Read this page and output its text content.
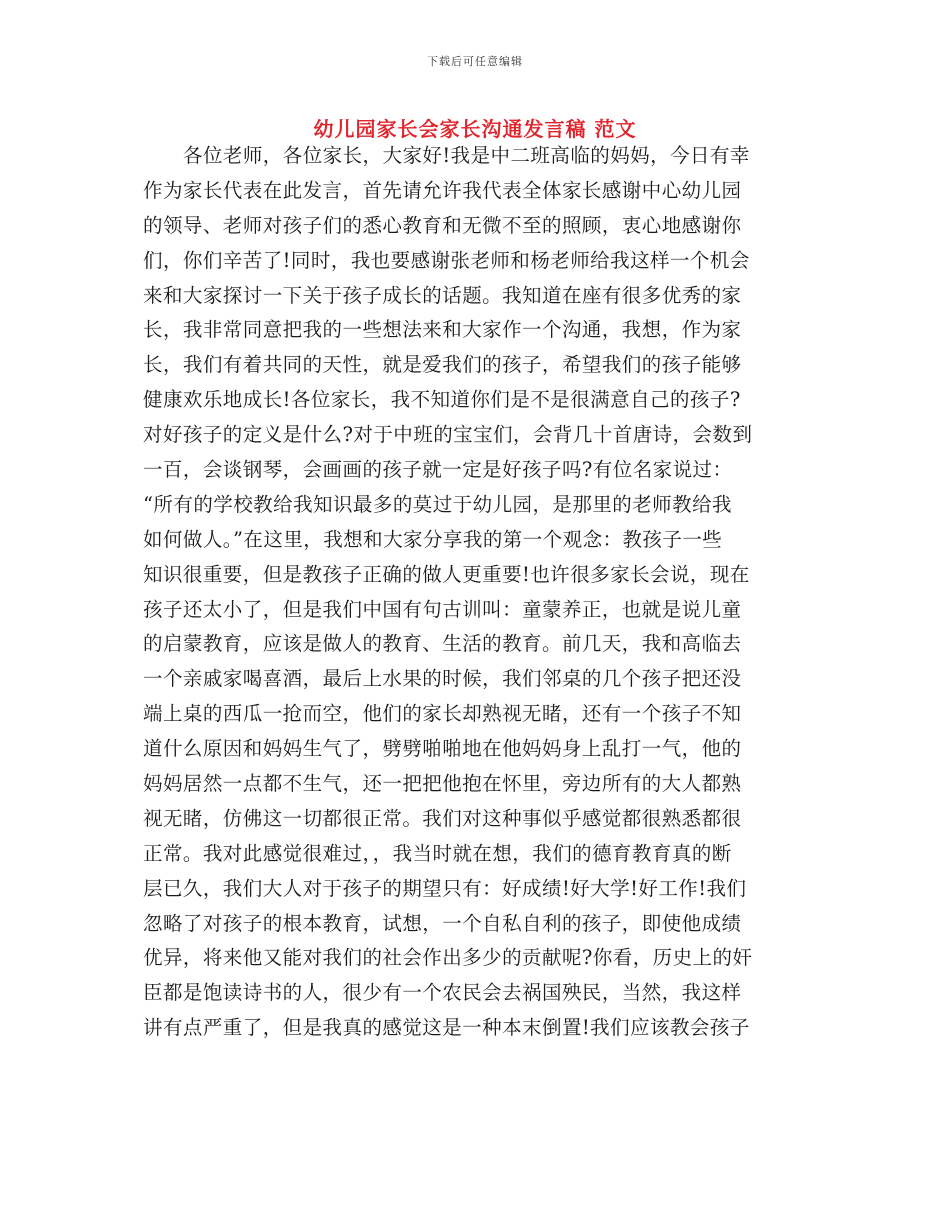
下载后可任意编辑
幼儿园家长会家长沟通发言稿 范文
各位老师，各位家长，大家好!我是中二班高临的妈妈，今日有幸
作为家长代表在此发言，首先请允许我代表全体家长感谢中心幼儿园
的领导、老师对孩子们的悉心教育和无微不至的照顾，衷心地感谢你
们，你们辛苦了!同时，我也要感谢张老师和杨老师给我这样一个机会
来和大家探讨一下关于孩子成长的话题。我知道在座有很多优秀的家
长，我非常同意把我的一些想法来和大家作一个沟通，我想，作为家
长，我们有着共同的天性，就是爱我们的孩子，希望我们的孩子能够
健康欢乐地成长!各位家长，我不知道你们是不是很满意自己的孩子?
对好孩子的定义是什么?对于中班的宝宝们，会背几十首唐诗，会数到
一百，会谈钢琴，会画画的孩子就一定是好孩子吗?有位名家说过：
“所有的学校教给我知识最多的莫过于幼儿园，是那里的老师教给我
如何做人。”在这里，我想和大家分享我的第一个观念：教孩子一些
知识很重要，但是教孩子正确的做人更重要!也许很多家长会说，现在
孩子还太小了，但是我们中国有句古训叫：童蒙养正，也就是说儿童
的启蒙教育，应该是做人的教育、生活的教育。前几天，我和高临去
一个亲戚家喝喜酒，最后上水果的时候，我们邻桌的几个孩子把还没
端上桌的西瓜一抢而空，他们的家长却熟视无睹，还有一个孩子不知
道什么原因和妈妈生气了，劈劈啪啪地在他妈妈身上乱打一气，他的
妈妈居然一点都不生气，还一把把他抱在怀里，旁边所有的大人都熟
视无睹，仿佛这一切都很正常。我们对这种事似乎感觉都很熟悉都很
正常。我对此感觉很难过，，我当时就在想，我们的德育教育真的断
层已久，我们大人对于孩子的期望只有：好成绩!好大学!好工作!我们
忽略了对孩子的根本教育，试想，一个自私自利的孩子，即使他成绩
优异，将来他又能对我们的社会作出多少的贡献呢?你看，历史上的奸
臣都是饱读诗书的人，很少有一个农民会去祸国殃民，当然，我这样
讲有点严重了，但是我真的感觉这是一种本末倒置!我们应该教会孩子
